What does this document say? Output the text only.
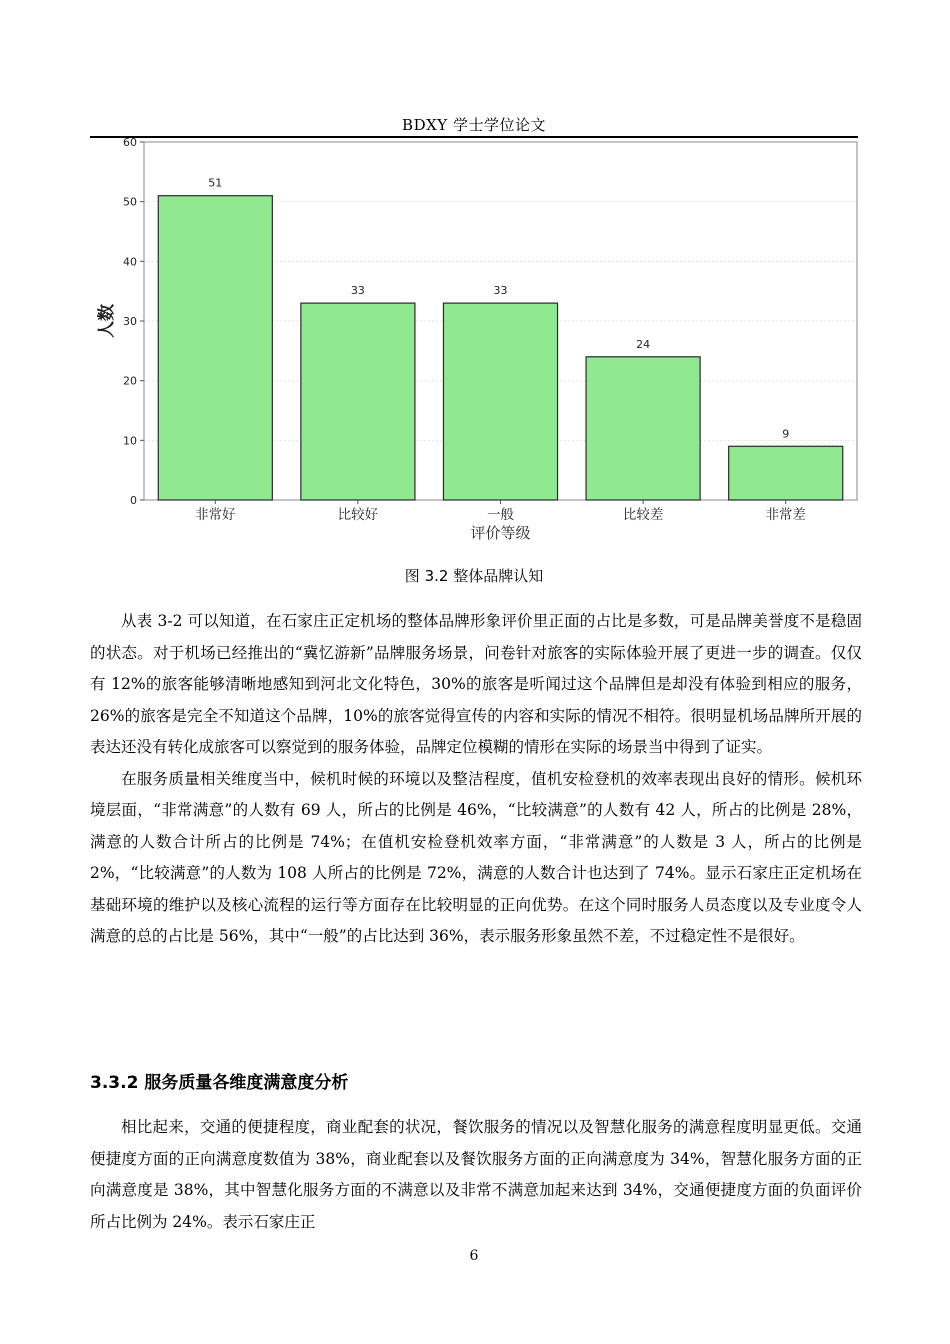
BDXY 学士学位论文
0
10
20
30
40
50
60
51
33	33
24
9
非常好	比较好	一般	比较差	非常差
评价等级
人数
图 3.2 整体品牌认知

从表 3-2 可以知道，在石家庄正定机场的整体品牌形象评价里正面的占比是多数，可是品牌美誉度不是稳固的状态。对于机场已经推出的“冀忆游新”品牌服务场景，问卷针对旅客的实际体验开展了更进一步的调查。仅仅有 12%的旅客能够清晰地感知到河北文化特色，30%的旅客是听闻过这个品牌但是却没有体验到相应的服务，26%的旅客是完全不知道这个品牌，10%的旅客觉得宣传的内容和实际的情况不相符。很明显机场品牌所开展的表达还没有转化成旅客可以察觉到的服务体验，品牌定位模糊的情形在实际的场景当中得到了证实。

在服务质量相关维度当中，候机时候的环境以及整洁程度，值机安检登机的效率表现出良好的情形。候机环境层面，“非常满意”的人数有 69 人，所占的比例是 46%，“比较满意”的人数有 42 人，所占的比例是 28%，满意的人数合计所占的比例是 74%；在值机安检登机效率方面，“非常满意”的人数是 3 人，所占的比例是 2%，“比较满意”的人数为 108 人所占的比例是 72%，满意的人数合计也达到了 74%。显示石家庄正定机场在基础环境的维护以及核心流程的运行等方面存在比较明显的正向优势。在这个同时服务人员态度以及专业度令人满意的总的占比是 56%，其中“一般”的占比达到 36%，表示服务形象虽然不差，不过稳定性不是很好。

3.3.2 服务质量各维度满意度分析

相比起来，交通的便捷程度，商业配套的状况，餐饮服务的情况以及智慧化服务的满意程度明显更低。交通便捷度方面的正向满意度数值为 38%，商业配套以及餐饮服务方面的正向满意度为 34%，智慧化服务方面的正向满意度是 38%，其中智慧化服务方面的不满意以及非常不满意加起来达到 34%，交通便捷度方面的负面评价所占比例为 24%。表示石家庄正

6
